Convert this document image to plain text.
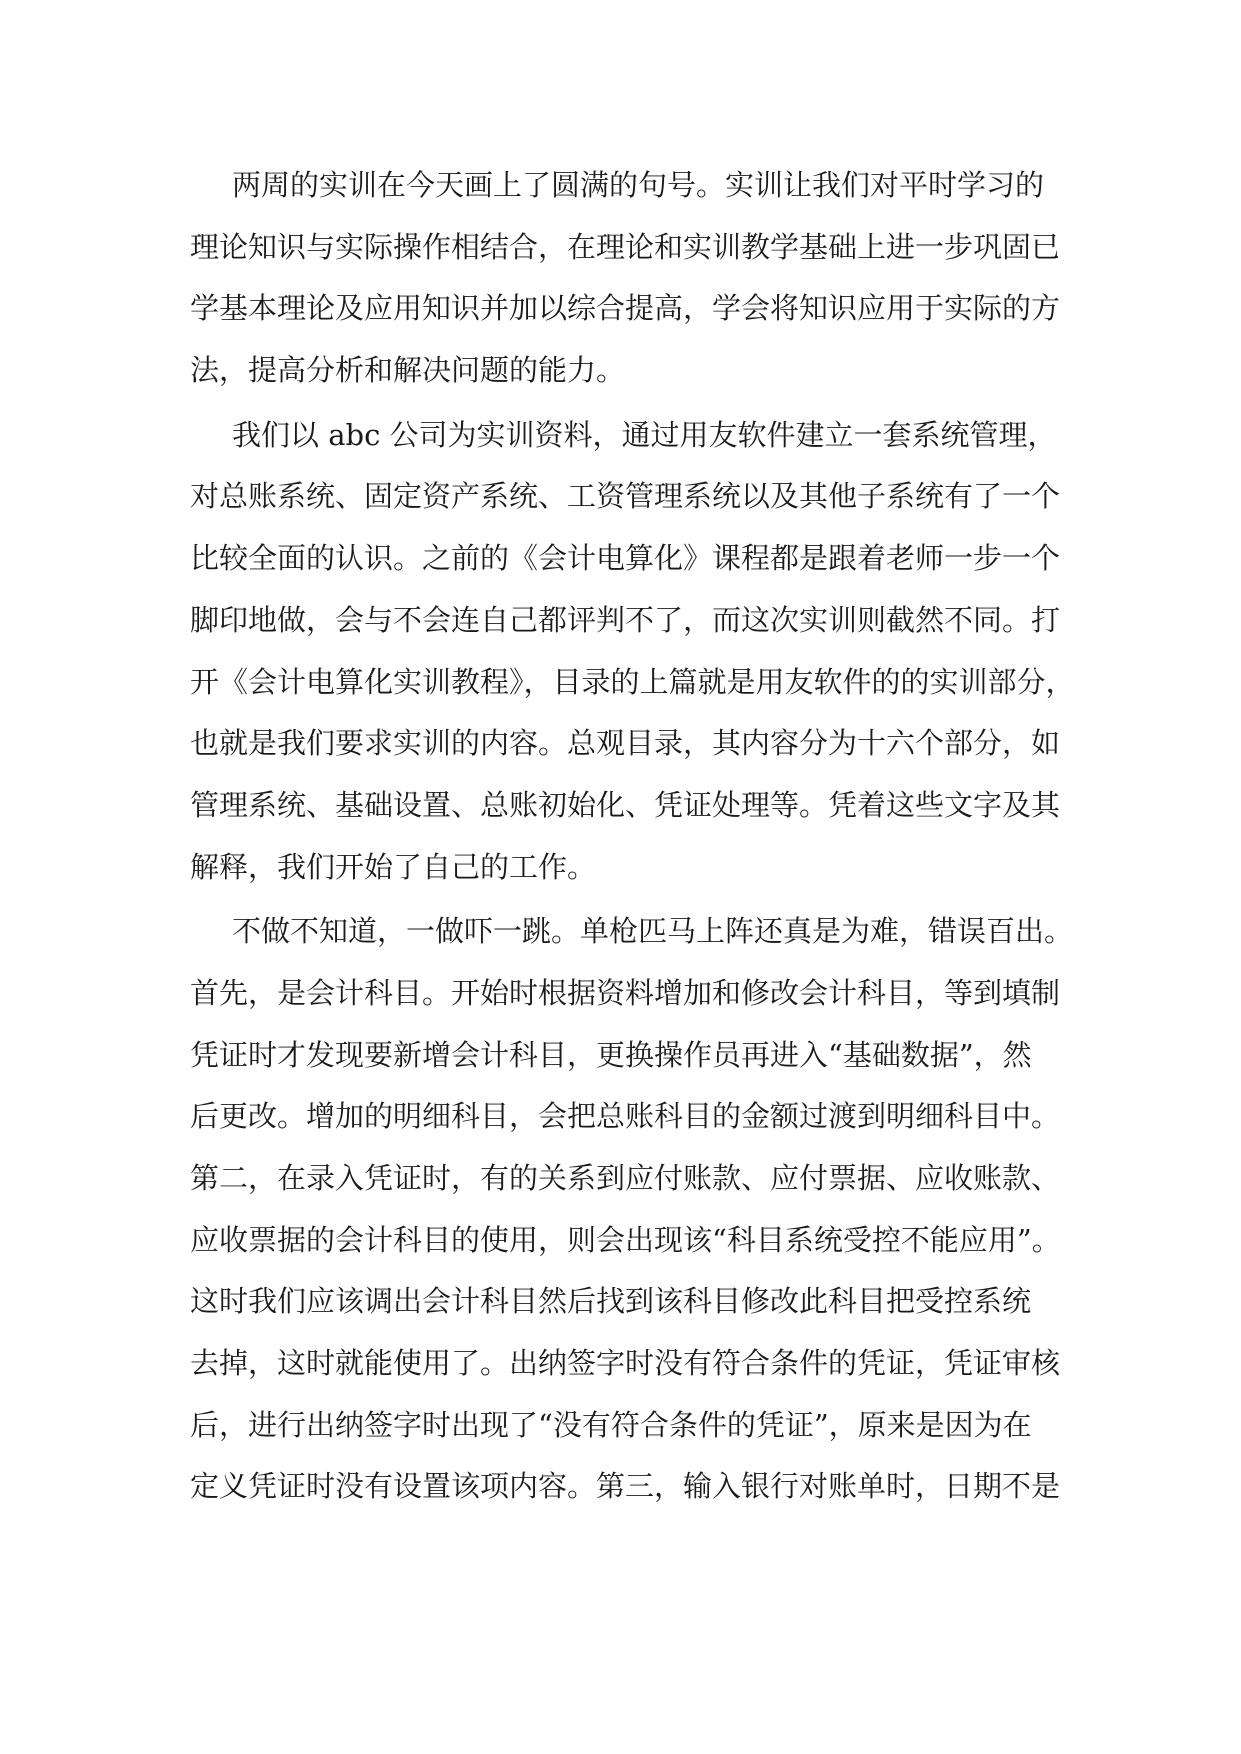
两周的实训在今天画上了圆满的句号。实训让我们对平时学习的
理论知识与实际操作相结合，在理论和实训教学基础上进一步巩固已
学基本理论及应用知识并加以综合提高，学会将知识应用于实际的方
法，提高分析和解决问题的能力。
我们以 abc 公司为实训资料，通过用友软件建立一套系统管理，
对总账系统、固定资产系统、工资管理系统以及其他子系统有了一个
比较全面的认识。之前的《会计电算化》课程都是跟着老师一步一个
脚印地做，会与不会连自己都评判不了，而这次实训则截然不同。打
开《会计电算化实训教程》，目录的上篇就是用友软件的的实训部分，
也就是我们要求实训的内容。总观目录，其内容分为十六个部分，如
管理系统、基础设置、总账初始化、凭证处理等。凭着这些文字及其
解释，我们开始了自己的工作。
不做不知道，一做吓一跳。单枪匹马上阵还真是为难，错误百出。
首先，是会计科目。开始时根据资料增加和修改会计科目，等到填制
凭证时才发现要新增会计科目，更换操作员再进入“基础数据”，然
后更改。增加的明细科目，会把总账科目的金额过渡到明细科目中。
第二，在录入凭证时，有的关系到应付账款、应付票据、应收账款、
应收票据的会计科目的使用，则会出现该“科目系统受控不能应用”。
这时我们应该调出会计科目然后找到该科目修改此科目把受控系统
去掉，这时就能使用了。出纳签字时没有符合条件的凭证，凭证审核
后，进行出纳签字时出现了“没有符合条件的凭证”，原来是因为在
定义凭证时没有设置该项内容。第三，输入银行对账单时，日期不是
